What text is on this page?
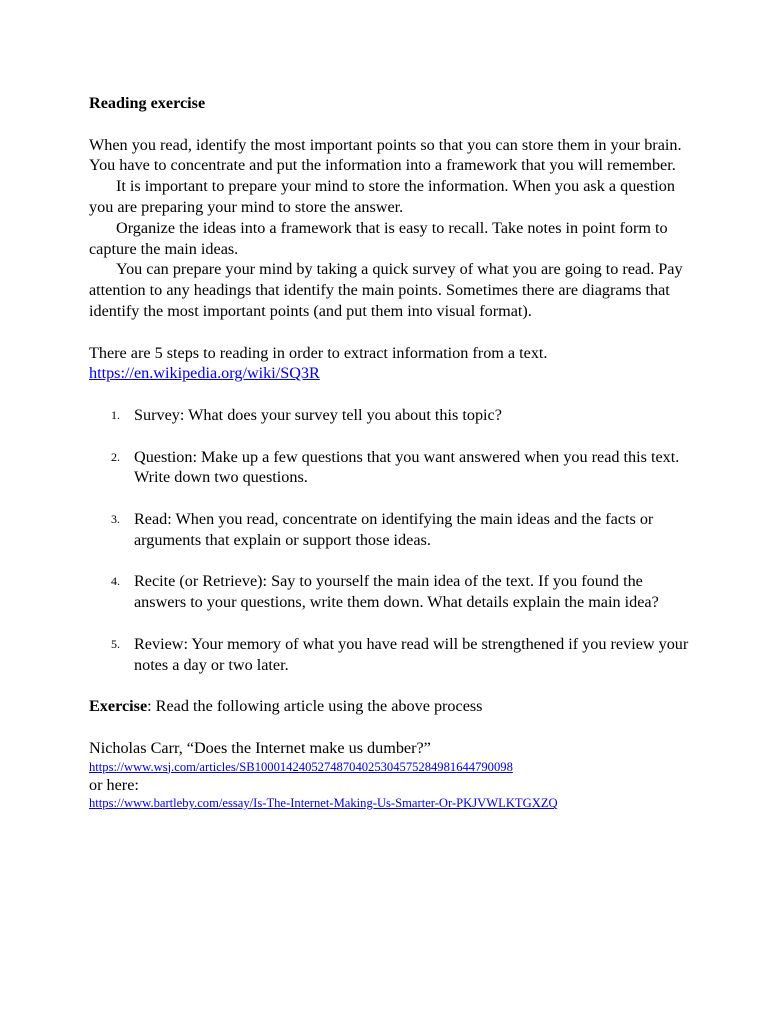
Reading exercise

When you read, identify the most important points so that you can store them in your brain. You have to concentrate and put the information into a framework that you will remember.

It is important to prepare your mind to store the information. When you ask a question you are preparing your mind to store the answer.

Organize the ideas into a framework that is easy to recall. Take notes in point form to capture the main ideas.

You can prepare your mind by taking a quick survey of what you are going to read. Pay attention to any headings that identify the main points. Sometimes there are diagrams that identify the most important points (and put them into visual format).

There are 5 steps to reading in order to extract information from a text.

https://en.wikipedia.org/wiki/SQ3R

1. Survey: What does your survey tell you about this topic?
2. Question: Make up a few questions that you want answered when you read this text. Write down two questions.
3. Read: When you read, concentrate on identifying the main ideas and the facts or arguments that explain or support those ideas.
4. Recite (or Retrieve): Say to yourself the main idea of the text. If you found the answers to your questions, write them down. What details explain the main idea?
5. Review: Your memory of what you have read will be strengthened if you review your notes a day or two later.

Exercise: Read the following article using the above process

Nicholas Carr, “Does the Internet make us dumber?”

https://www.wsj.com/articles/SB10001424052748704025304575284981644790098

or here:

https://www.bartleby.com/essay/Is-The-Internet-Making-Us-Smarter-Or-PKJVWLKTGXZQ
